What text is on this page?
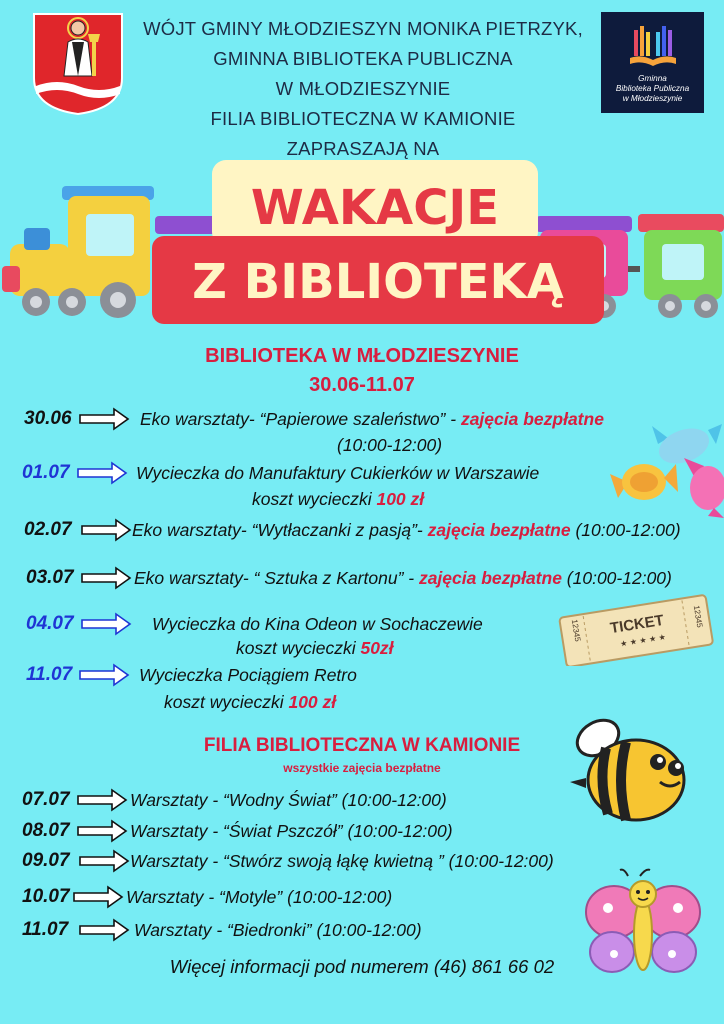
Gminna
Biblioteka Publiczna
w Młodzieszynie
WÓJT GMINY MŁODZIESZYN MONIKA PIETRZYK,
GMINNA BIBLIOTEKA PUBLICZNA
W MŁODZIESZYNIE
FILIA BIBLIOTECZNA W KAMIONIE
ZAPRASZAJĄ NA
WAKACJE
Z BIBLIOTEKĄ
BIBLIOTEKA W MŁODZIESZYNIE
30.06-11.07
30.06	Eko warsztaty- “Papierowe szaleństwo” - zajęcia bezpłatne
(10:00-12:00)
01.07	Wycieczka do Manufaktury Cukierków w Warszawie
koszt wycieczki 100 zł
02.07	Eko warsztaty- “Wytłaczanki z pasją”- zajęcia bezpłatne (10:00-12:00)
03.07	Eko warsztaty- “ Sztuka z Kartonu” - zajęcia bezpłatne (10:00-12:00)
04.07	Wycieczka do Kina Odeon w Sochaczewie
koszt wycieczki 50zł
11.07	Wycieczka Pociągiem Retro
koszt wycieczki 100 zł
TICKET
★ ★ ★ ★ ★
12345
12345
FILIA BIBLIOTECZNA W KAMIONIE
wszystkie zajęcia bezpłatne
07.07	Warsztaty - “Wodny Świat” (10:00-12:00)
08.07	Warsztaty - “Świat Pszczół” (10:00-12:00)
09.07	Warsztaty - “Stwórz swoją łąkę kwietną ” (10:00-12:00)
10.07	Warsztaty - “Motyle” (10:00-12:00)
11.07	Warsztaty - “Biedronki” (10:00-12:00)
Więcej informacji pod numerem (46) 861 66 02
